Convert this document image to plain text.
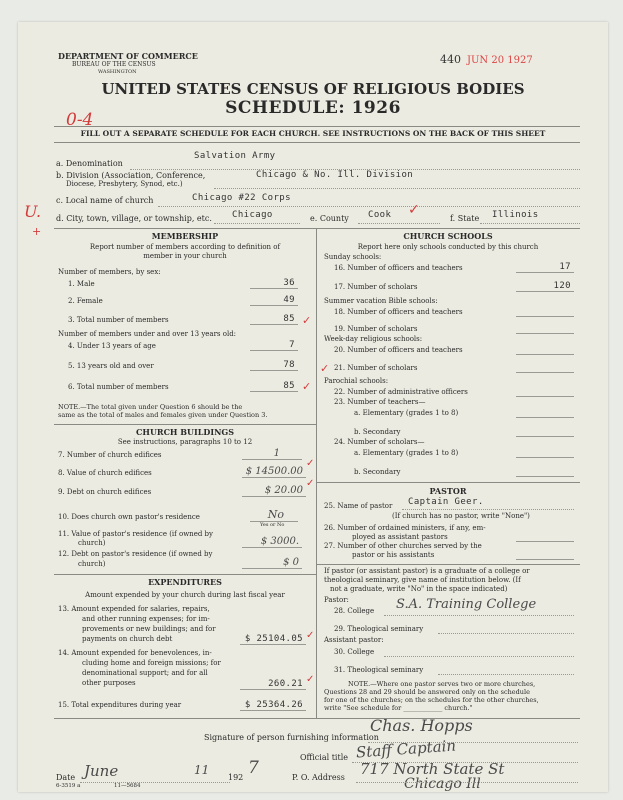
DEPARTMENT OF COMMERCE
BUREAU OF THE CENSUS
WASHINGTON
440 JUN 20 1927
UNITED STATES CENSUS OF RELIGIOUS BODIES
SCHEDULE: 1926
0-4
FILL OUT A SEPARATE SCHEDULE FOR EACH CHURCH. SEE INSTRUCTIONS ON THE BACK OF THIS SHEET
a. Denomination
Salvation Army
b. Division (Association, Conference,
Diocese, Presbytery, Synod, etc.)
Chicago & No. Ill. Division
c. Local name of church	Chicago #22 Corps
U.
+
d. City, town, village, or township, etc. Chicago	e. County Cook ✓
f. State Illinois
MEMBERSHIP
Report number of members according to definition of
member in your church
Number of members, by sex:
1. Male	36
2. Female	49
3. Total number of members	85 ✓
Number of members under and over 13 years old:
4. Under 13 years of age	7
5. 13 years old and over	78
6. Total number of members	85 ✓
NOTE.—The total given under Question 6 should be the
same as the total of males and females given under Question 3.
CHURCH BUILDINGS
See instructions, paragraphs 10 to 12
7. Number of church edifices	1
8. Value of church edifices	$ 14500.00
✓
9. Debt on church edifices	$ 20.00
✓
10. Does church own pastor's residence	No
Yes or No
11. Value of pastor's residence (if owned by
church)	$ 3000.
12. Debt on pastor's residence (if owned by
church)	$ 0
EXPENDITURES
Amount expended by your church during last fiscal year
13. Amount expended for salaries, repairs,
and other running expenses; for im-
provements or new buildings; and for
payments on church debt	$ 25104.05 ✓
14. Amount expended for benevolences, in-
cluding home and foreign missions; for
denominational support; and for all
other purposes	260.21 ✓
15. Total expenditures during year	$ 25364.26
CHURCH SCHOOLS
Report here only schools conducted by this church
Sunday schools:
16. Number of officers and teachers	17
17. Number of scholars	120
Summer vacation Bible schools:
18. Number of officers and teachers
19. Number of scholars
Week-day religious schools:
20. Number of officers and teachers
21. Number of scholars
✓
Parochial schools:
22. Number of administrative officers
23. Number of teachers—
a. Elementary (grades 1 to 8)
b. Secondary
24. Number of scholars—
a. Elementary (grades 1 to 8)
b. Secondary
PASTOR
25. Name of pastor Captain Geer.
(If church has no pastor, write "None")
26. Number of ordained ministers, if any, em-
ployed as assistant pastors
27. Number of other churches served by the
pastor or his assistants
If pastor (or assistant pastor) is a graduate of a college or
theological seminary, give name of institution below. (If
not a graduate, write "No" in the space indicated)
Pastor:
28. College S.A. Training College
29. Theological seminary
Assistant pastor:
30. College
31. Theological seminary
NOTE.—Where one pastor serves two or more churches,
Questions 28 and 29 should be answered only on the schedule
for one of the churches; on the schedules for the other churches,
write "See schedule for ____________ church."
Signature of person furnishing information
Chas. Hopps
Official title Staff Captain
Date June	11
192 7
6-3519 a	11—5684
P. O. Address 717 North State St
Chicago Ill
